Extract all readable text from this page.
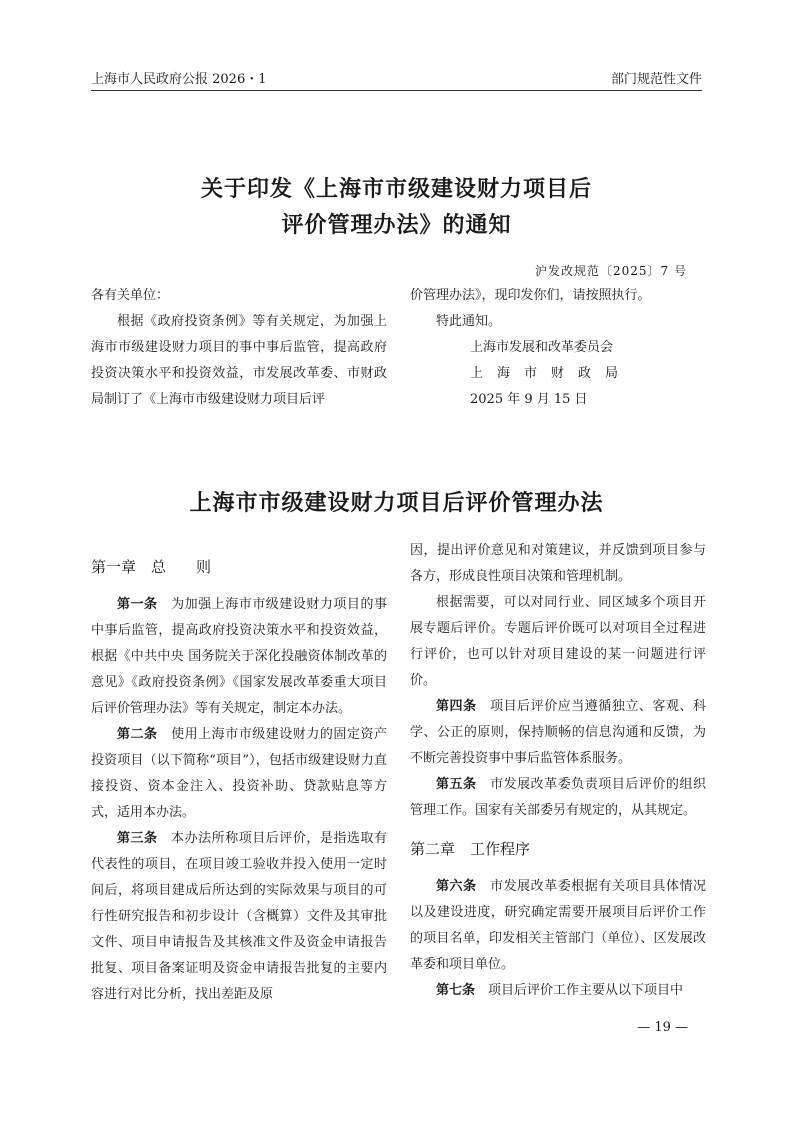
上海市人民政府公报 2026・1	部门规范性文件
关于印发《上海市市级建设财力项目后
评价管理办法》的通知
沪发改规范〔2025〕7 号

各有关单位：

根据《政府投资条例》等有关规定，为加强上海市市级建设财力项目的事中事后监管，提高政府投资决策水平和投资效益，市发展改革委、市财政局制订了《上海市市级建设财力项目后评

价管理办法》，现印发你们，请按照执行。

特此通知。

上海市发展和改革委员会

上海市财政局

2025 年 9 月 15 日

上海市市级建设财力项目后评价管理办法

第一章　总　　则

第一条　 为加强上海市市级建设财力项目的事中事后监管，提高政府投资决策水平和投资效益，根据《中共中央 国务院关于深化投融资体制改革的意见》《政府投资条例》《国家发展改革委重大项目后评价管理办法》等有关规定，制定本办法。

第二条　 使用上海市市级建设财力的固定资产投资项目（以下简称“项目”），包括市级建设财力直接投资、资本金注入、投资补助、贷款贴息等方式，适用本办法。

第三条　 本办法所称项目后评价，是指选取有代表性的项目，在项目竣工验收并投入使用一定时间后，将项目建成后所达到的实际效果与项目的可行性研究报告和初步设计（含概算）文件及其审批文件、项目申请报告及其核准文件及资金申请报告批复、项目备案证明及资金申请报告批复的主要内容进行对比分析，找出差距及原

因，提出评价意见和对策建议，并反馈到项目参与各方，形成良性项目决策和管理机制。

根据需要，可以对同行业、同区域多个项目开展专题后评价。专题后评价既可以对项目全过程进行评价，也可以针对项目建设的某一问题进行评价。

第四条　 项目后评价应当遵循独立、客观、科学、公正的原则，保持顺畅的信息沟通和反馈，为不断完善投资事中事后监管体系服务。

第五条　 市发展改革委负责项目后评价的组织管理工作。国家有关部委另有规定的，从其规定。

第二章　工作程序

第六条　 市发展改革委根据有关项目具体情况以及建设进度，研究确定需要开展项目后评价工作的项目名单，印发相关主管部门（单位）、区发展改革委和项目单位。

第七条　 项目后评价工作主要从以下项目中

— 19 —
